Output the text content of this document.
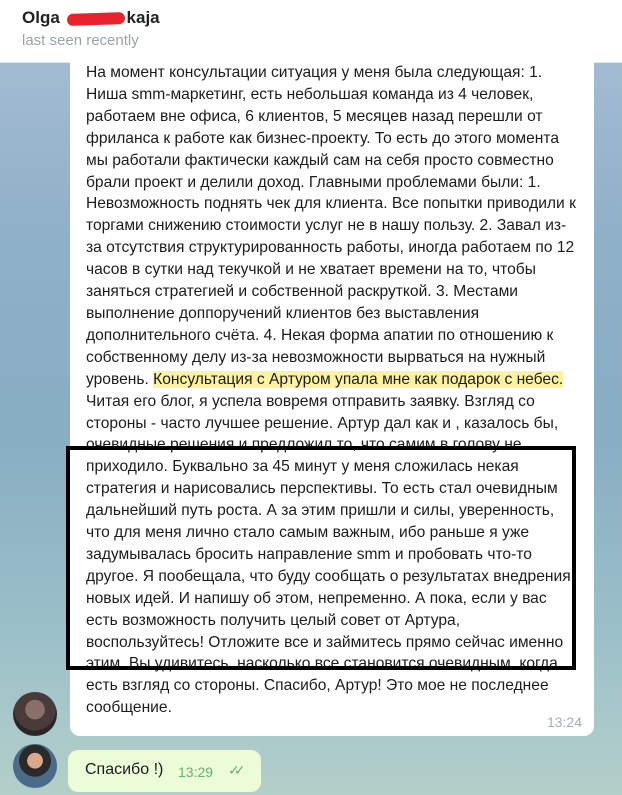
Olga	kaja
last seen recently

На момент консультации ситуация у меня была следующая: 1. Ниша smm-маркетинг, есть небольшая команда из 4 человек, работаем вне офиса, 6 клиентов, 5 месяцев назад перешли от фриланса к работе как бизнес-проекту. То есть до этого момента мы работали фактически каждый сам на себя просто совместно брали проект и делили доход. Главными проблемами были: 1. Невозможность поднять чек для клиента. Все попытки приводили к торгами снижению стоимости услуг не в нашу пользу. 2. Завал из-за отсутствия структурированность работы, иногда работаем по 12 часов в сутки над текучкой и не хватает времени на то, чтобы заняться стратегией и собственной раскруткой. 3. Местами выполнение доппоручений клиентов без выставления дополнительного счёта. 4. Некая форма апатии по отношению к собственному делу из-за невозможности вырваться на нужный уровень. Консультация с Артуром упала мне как подарок с небес. Читая его блог, я успела вовремя отправить заявку. Взгляд со стороны - часто лучшее решение. Артур дал как и , казалось бы, очевидные решения и предложил то, что самим в голову не приходило. Буквально за 45 минут у меня сложилась некая стратегия и нарисовались перспективы. То есть стал очевидным дальнейший путь роста. А за этим пришли и силы, уверенность, что для меня лично стало самым важным, ибо раньше я уже задумывалась бросить направление smm и пробовать что-то другое. Я пообещала, что буду сообщать о результатах внедрения новых идей. И напишу об этом, непременно. А пока, если у вас есть возможность получить целый совет от Артура, воспользуйтесь! Отложите все и займитесь прямо сейчас именно этим. Вы удивитесь, насколько все становится очевидным, когда есть взгляд со стороны. Спасибо, Артур! Это мое не последнее сообщение.

13:24
Спасибо !) 13:29 ✓✓
